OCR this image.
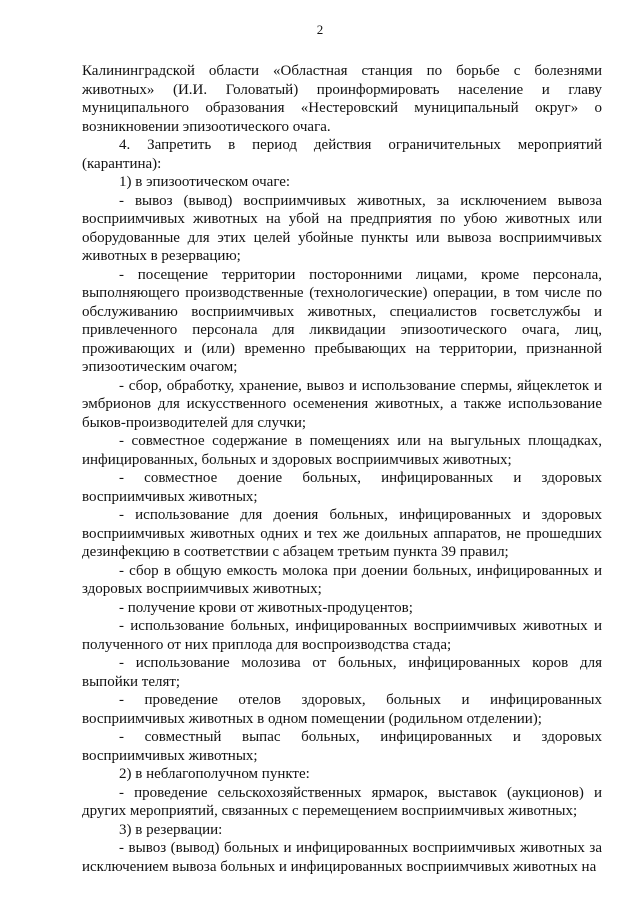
2

Калининградской области «Областная станция по борьбе с болезнями животных» (И.И. Головатый) проинформировать население и главу муниципального образования «Нестеровский муниципальный округ» о возникновении эпизоотического очага.

4. Запретить в период действия ограничительных мероприятий (карантина):

1) в эпизоотическом очаге:

- вывоз (вывод) восприимчивых животных, за исключением вывоза восприимчивых животных на убой на предприятия по убою животных или оборудованные для этих целей убойные пункты или вывоза восприимчивых животных в резервацию;

- посещение территории посторонними лицами, кроме персонала, выполняющего производственные (технологические) операции, в том числе по обслуживанию восприимчивых животных, специалистов госветслужбы и привлеченного персонала для ликвидации эпизоотического очага, лиц, проживающих и (или) временно пребывающих на территории, признанной эпизоотическим очагом;

- сбор, обработку, хранение, вывоз и использование спермы, яйцеклеток и эмбрионов для искусственного осеменения животных, а также использование быков-производителей для случки;

- совместное содержание в помещениях или на выгульных площадках, инфицированных, больных и здоровых восприимчивых животных;

- совместное доение больных, инфицированных и здоровых восприимчивых животных;

- использование для доения больных, инфицированных и здоровых восприимчивых животных одних и тех же доильных аппаратов, не прошедших дезинфекцию в соответствии с абзацем третьим пункта 39 правил;

- сбор в общую емкость молока при доении больных, инфицированных и здоровых восприимчивых животных;

- получение крови от животных-продуцентов;

- использование больных, инфицированных восприимчивых животных и полученного от них приплода для воспроизводства стада;

- использование молозива от больных, инфицированных коров для выпойки телят;

- проведение отелов здоровых, больных и инфицированных восприимчивых животных в одном помещении (родильном отделении);

- совместный выпас больных, инфицированных и здоровых восприимчивых животных;

2) в неблагополучном пункте:

- проведение сельскохозяйственных ярмарок, выставок (аукционов) и других мероприятий, связанных с перемещением восприимчивых животных;

3) в резервации:

- вывоз (вывод) больных и инфицированных восприимчивых животных за исключением вывоза больных и инфицированных восприимчивых животных на
